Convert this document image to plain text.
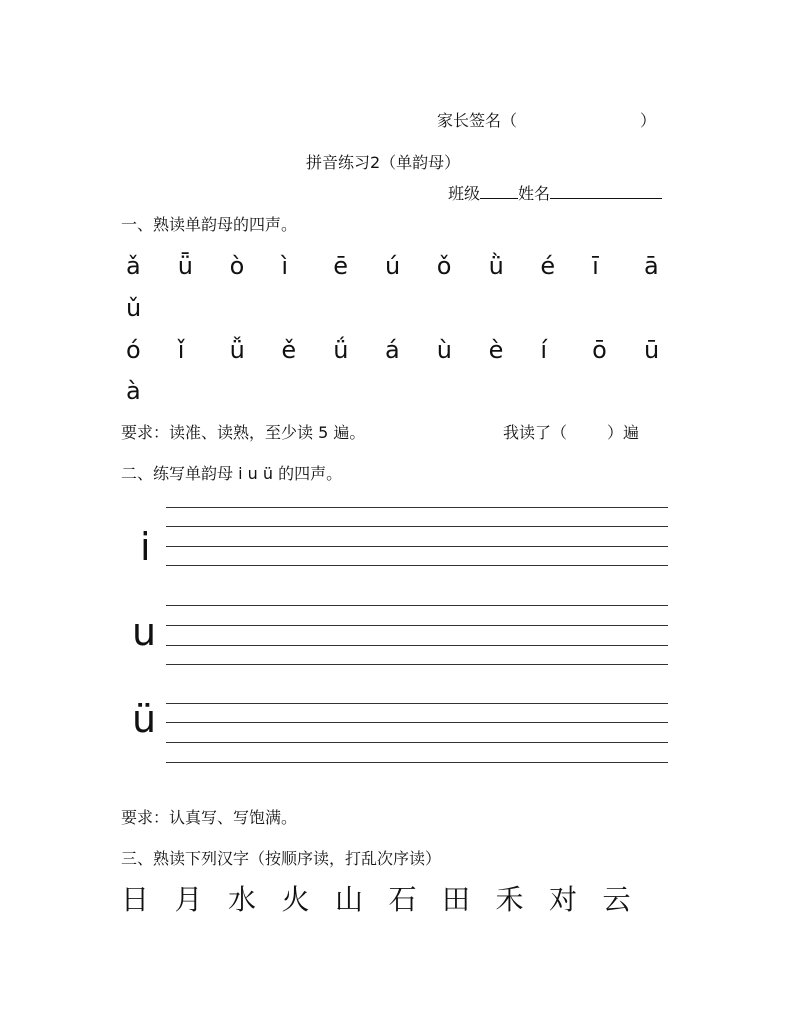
家长签名（	）
拼音练习2（单韵母）
班级 姓名
一、熟读单韵母的四声。
ǎ	ǖ	ò	ì	ē	ú	ǒ	ǜ	é	ī	ā
ǔ
ó	ǐ	ǚ	ě	ǘ	á	ù	è	í	ō	ū
à
要求：读准、读熟，至少读 5 遍。	我读了（ ）遍
二、练写单韵母 i u ü 的四声。
i
u
ü
要求：认真写、写饱满。
三、熟读下列汉字（按顺序读，打乱次序读）
日 月 水 火 山 石 田 禾 对 云
